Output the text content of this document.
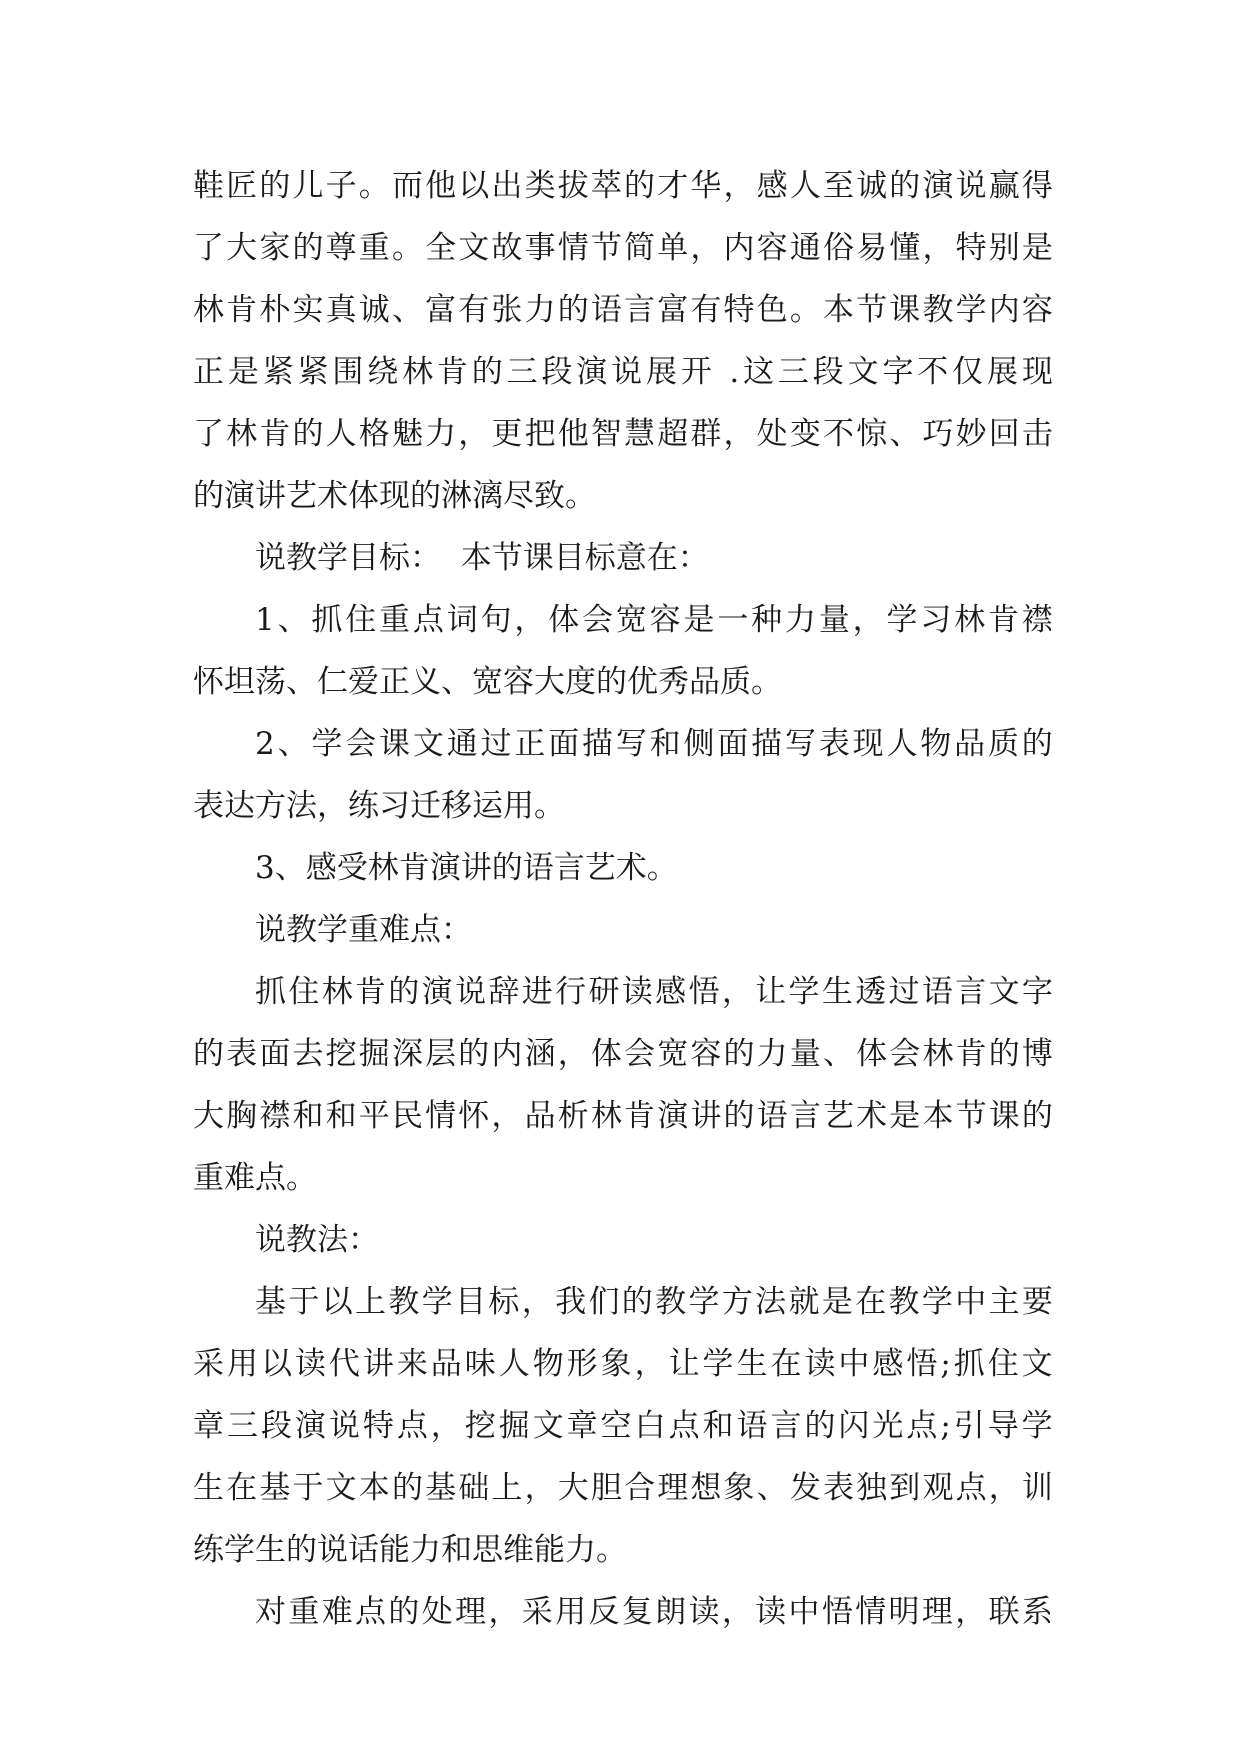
鞋 匠 的 儿 子 。 而 他 以 出 类 拔 萃 的 才 华 ， 感 人 至 诚 的 演 说 赢 得
了 大 家 的 尊 重 。 全 文 故 事 情 节 简 单 ， 内 容 通 俗 易 懂 ， 特 别 是
林 肯 朴 实 真 诚 、 富 有 张 力 的 语 言 富 有 特 色 。 本 节 课 教 学 内 容
正 是 紧 紧 围 绕 林 肯 的 三 段 演 说 展 开
. 这 三 段 文 字 不 仅 展 现
了 林 肯 的 人 格 魅 力 ， 更 把 他 智 慧 超 群 ， 处 变 不 惊 、 巧 妙 回 击
的演讲艺术体现的淋漓尽致。
说教学目标：  本节课目标意在：
1 、 抓 住 重 点 词 句 ， 体 会 宽 容 是 一 种 力 量 ， 学 习 林 肯 襟
怀坦荡、仁爱正义、宽容大度的优秀品质。
2 、 学 会 课 文 通 过 正 面 描 写 和 侧 面 描 写 表 现 人 物 品 质 的
表达方法，练习迁移运用。
3、感受林肯演讲的语言艺术。
说教学重难点：
抓 住 林 肯 的 演 说 辞 进 行 研 读 感 悟 ， 让 学 生 透 过 语 言 文 字
的 表 面 去 挖 掘 深 层 的 内 涵 ， 体 会 宽 容 的 力 量 、 体 会 林 肯 的 博
大 胸 襟 和 和 平 民 情 怀 ， 品 析 林 肯 演 讲 的 语 言 艺 术 是 本 节 课 的
重难点。
说教法：
基 于 以 上 教 学 目 标 ， 我 们 的 教 学 方 法 就 是 在 教 学 中 主 要
采 用 以 读 代 讲 来 品 味 人 物 形 象 ， 让 学 生 在 读 中 感 悟 ; 抓 住 文
章 三 段 演 说 特 点 ， 挖 掘 文 章 空 白 点 和 语 言 的 闪 光 点 ; 引 导 学
生 在 基 于 文 本 的 基 础 上 ， 大 胆 合 理 想 象 、 发 表 独 到 观 点 ， 训
练学生的说话能力和思维能力。
对 重 难 点 的 处 理 ， 采 用 反 复 朗 读 ， 读 中 悟 情 明 理 ， 联 系
